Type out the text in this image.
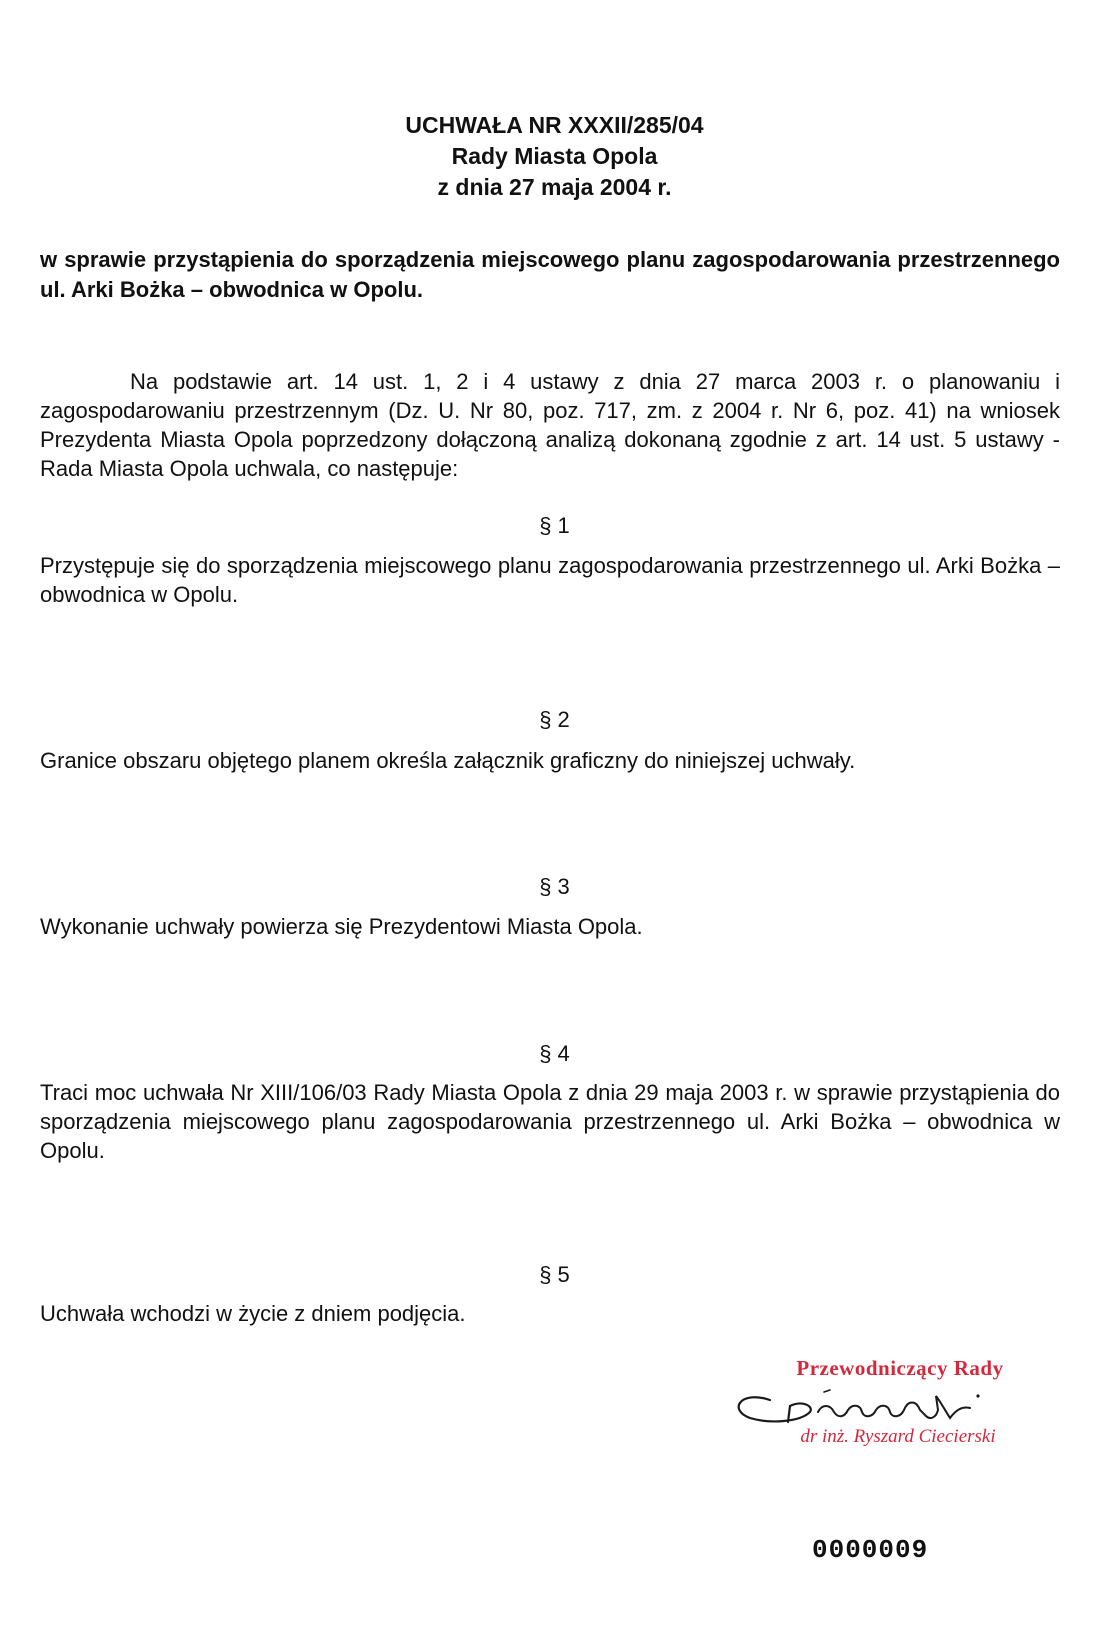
UCHWAŁA NR XXXII/285/04
Rady Miasta Opola
z dnia 27 maja 2004 r.
w sprawie przystąpienia do sporządzenia miejscowego planu zagospodarowania przestrzennego ul. Arki Bożka – obwodnica w Opolu.
Na podstawie art. 14 ust. 1, 2 i 4 ustawy z dnia 27 marca 2003 r. o planowaniu i zagospodarowaniu przestrzennym (Dz. U. Nr 80, poz. 717, zm. z 2004 r. Nr 6, poz. 41) na wniosek Prezydenta Miasta Opola poprzedzony dołączoną analizą dokonaną zgodnie z art. 14 ust. 5 ustawy - Rada Miasta Opola uchwala, co następuje:
§ 1
Przystępuje się do sporządzenia miejscowego planu zagospodarowania przestrzennego ul. Arki Bożka – obwodnica w Opolu.
§ 2
Granice obszaru objętego planem określa załącznik graficzny do niniejszej uchwały.
§ 3
Wykonanie uchwały powierza się Prezydentowi Miasta Opola.
§ 4
Traci moc uchwała Nr XIII/106/03 Rady Miasta Opola z dnia 29 maja 2003 r. w sprawie przystąpienia do sporządzenia miejscowego planu zagospodarowania przestrzennego ul. Arki Bożka – obwodnica w Opolu.
§ 5
Uchwała wchodzi w życie z dniem podjęcia.
Przewodniczący Rady
dr inż. Ryszard Ciecierski
0000009
